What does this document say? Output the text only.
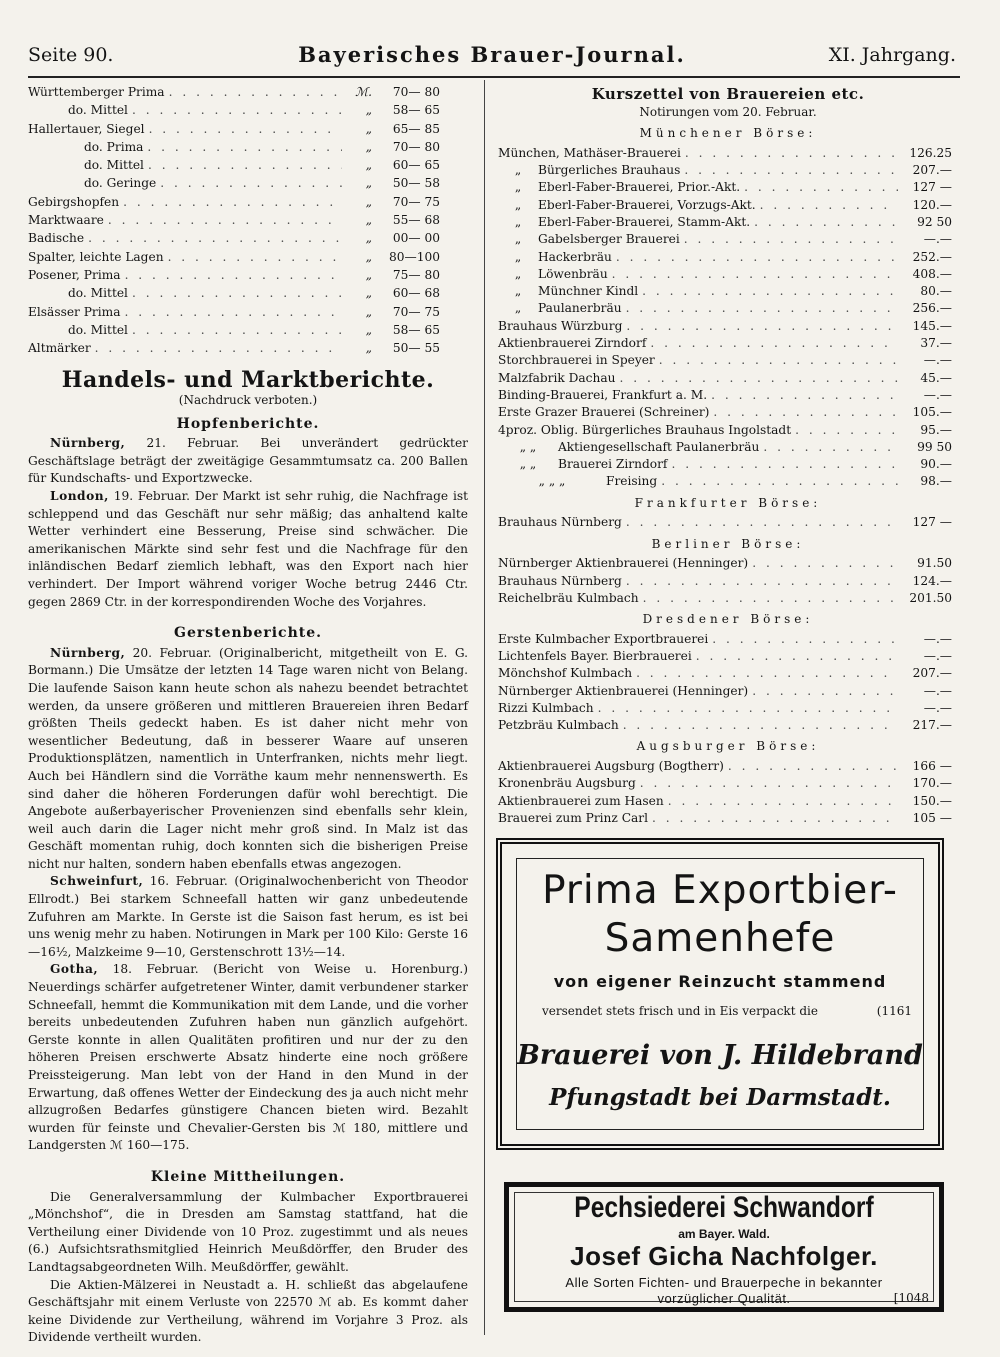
Seite 90.	Bayerisches Brauer-Journal.	XI. Jahrgang.
Württemberger Prima . . .	ℳ.	70— 80
do. Mittel . . .	„	58— 65
Hallertauer, Siegel . . .	„	65— 85
do. Prima . . .	„	70— 80
do. Mittel . . .	„	60— 65
do. Geringe . . .	„	50— 58
Gebirgshopfen . . .	„	70— 75
Marktwaare . . .	„	55— 68
Badische . . .	„	00— 00
Spalter, leichte Lagen . . .	„	80—100
Posener, Prima . . .	„	75— 80
do. Mittel . . .	„	60— 68
Elsässer Prima . . .	„	70— 75
do. Mittel . . .	„	58— 65
Altmärker . . .	„	50— 55
Handels- und Marktberichte.
(Nachdruck verboten.)
Hopfenberichte.

Nürnberg, 21. Februar. Bei unverändert gedrückter Geschäftslage beträgt der zweitägige Gesammtumsatz ca. 200 Ballen für Kundschafts- und Exportzwecke.

London, 19. Februar. Der Markt ist sehr ruhig, die Nachfrage ist schleppend und das Geschäft nur sehr mäßig; das anhaltend kalte Wetter verhindert eine Besserung, Preise sind schwächer. Die amerikanischen Märkte sind sehr fest und die Nachfrage für den inländischen Bedarf ziemlich lebhaft, was den Export nach hier verhindert. Der Import während voriger Woche betrug 2446 Ctr. gegen 2869 Ctr. in der korrespondirenden Woche des Vorjahres.

Gerstenberichte.

Nürnberg, 20. Februar. (Originalbericht, mitgetheilt von E. G. Bormann.) Die Umsätze der letzten 14 Tage waren nicht von Belang. Die laufende Saison kann heute schon als nahezu beendet betrachtet werden, da unsere größeren und mittleren Brauereien ihren Bedarf größten Theils gedeckt haben. Es ist daher nicht mehr von wesentlicher Bedeutung, daß in besserer Waare auf unseren Produktionsplätzen, namentlich in Unterfranken, nichts mehr liegt. Auch bei Händlern sind die Vorräthe kaum mehr nennenswerth. Es sind daher die höheren Forderungen dafür wohl berechtigt. Die Angebote außerbayerischer Provenienzen sind ebenfalls sehr klein, weil auch darin die Lager nicht mehr groß sind. In Malz ist das Geschäft momentan ruhig, doch konnten sich die bisherigen Preise nicht nur halten, sondern haben ebenfalls etwas angezogen.

Schweinfurt, 16. Februar. (Originalwochenbericht von Theodor Ellrodt.) Bei starkem Schneefall hatten wir ganz unbedeutende Zufuhren am Markte. In Gerste ist die Saison fast herum, es ist bei uns wenig mehr zu haben. Notirungen in Mark per 100 Kilo: Gerste 16—16½, Malzkeime 9—10, Gerstenschrott 13½—14.

Gotha, 18. Februar. (Bericht von Weise u. Horenburg.) Neuerdings schärfer aufgetretener Winter, damit verbundener starker Schneefall, hemmt die Kommunikation mit dem Lande, und die vorher bereits unbedeutenden Zufuhren haben nun gänzlich aufgehört. Gerste konnte in allen Qualitäten profitiren und nur der zu den höheren Preisen erschwerte Absatz hinderte eine noch größere Preissteigerung. Man lebt von der Hand in den Mund in der Erwartung, daß offenes Wetter der Eindeckung des ja auch nicht mehr allzugroßen Bedarfes günstigere Chancen bieten wird. Bezahlt wurden für feinste und Chevalier-Gersten bis ℳ 180, mittlere und Landgersten ℳ 160—175.

Kleine Mittheilungen.

Die Generalversammlung der Kulmbacher Exportbrauerei „Mönchshof“, die in Dresden am Samstag stattfand, hat die Vertheilung einer Dividende von 10 Proz. zugestimmt und als neues (6.) Aufsichtsrathsmitglied Heinrich Meußdörffer, den Bruder des Landtagsabgeordneten Wilh. Meußdörffer, gewählt.

Die Aktien-Mälzerei in Neustadt a. H. schließt das abgelaufene Geschäftsjahr mit einem Verluste von 22570 ℳ ab. Es kommt daher keine Dividende zur Vertheilung, während im Vorjahre 3 Proz. als Dividende vertheilt wurden.

Kurszettel von Brauereien etc.
Notirungen vom 20. Februar.
Münchener Börse:
München, Mathäser-Brauerei . . .	126.25
„ Bürgerliches Brauhaus . . .	207.—
„ Eberl-Faber-Brauerei, Prior.-Akt. . . .	127 —
„ Eberl-Faber-Brauerei, Vorzugs-Akt. . . .	120.—
„ Eberl-Faber-Brauerei, Stamm-Akt. . . .	92 50
„ Gabelsberger Brauerei . . .	—.—
„ Hackerbräu . . .	252.—
„ Löwenbräu . . .	408.—
„ Münchner Kindl . . .	80.—
„ Paulanerbräu . . .	256.—
Brauhaus Würzburg . . .	145.—
Aktienbrauerei Zirndorf . . .	37.—
Storchbrauerei in Speyer . . .	—.—
Malzfabrik Dachau . . .	45.—
Binding-Brauerei, Frankfurt a. M. . . .	—.—
Erste Grazer Brauerei (Schreiner) . . .	105.—
4proz. Oblig. Bürgerliches Brauhaus Ingolstadt . . .	95.—
„ „ Aktiengesellschaft Paulanerbräu . . .	99 50
„ „ Brauerei Zirndorf . . .	90.—
„ „ „	Freising . . .	98.—
Frankfurter Börse:
Brauhaus Nürnberg . . .	127 —
Berliner Börse:
Nürnberger Aktienbrauerei (Henninger) . . .	91.50
Brauhaus Nürnberg . . .	124.—
Reichelbräu Kulmbach . . .	201.50
Dresdener Börse:
Erste Kulmbacher Exportbrauerei . . .	—.—
Lichtenfels Bayer. Bierbrauerei . . .	—.—
Mönchshof Kulmbach . . .	207.—
Nürnberger Aktienbrauerei (Henninger) . . .	—.—
Rizzi Kulmbach . . .	—.—
Petzbräu Kulmbach . . .	217.—
Augsburger Börse:
Aktienbrauerei Augsburg (Bogtherr) . . .	166 —
Kronenbräu Augsburg . . .	170.—
Aktienbrauerei zum Hasen . . .	150.—
Brauerei zum Prinz Carl . . .	105 —
Prima Exportbier-
Samenhefe
von eigener Reinzucht stammend
versendet stets frisch und in Eis verpackt die	(1161
Brauerei von J. Hildebrand
Pfungstadt bei Darmstadt.
Pechsiederei Schwandorf
am Bayer. Wald.
Josef Gicha Nachfolger.
Alle Sorten Fichten- und Brauerpeche in bekannter
vorzüglicher Qualität.	[1048
